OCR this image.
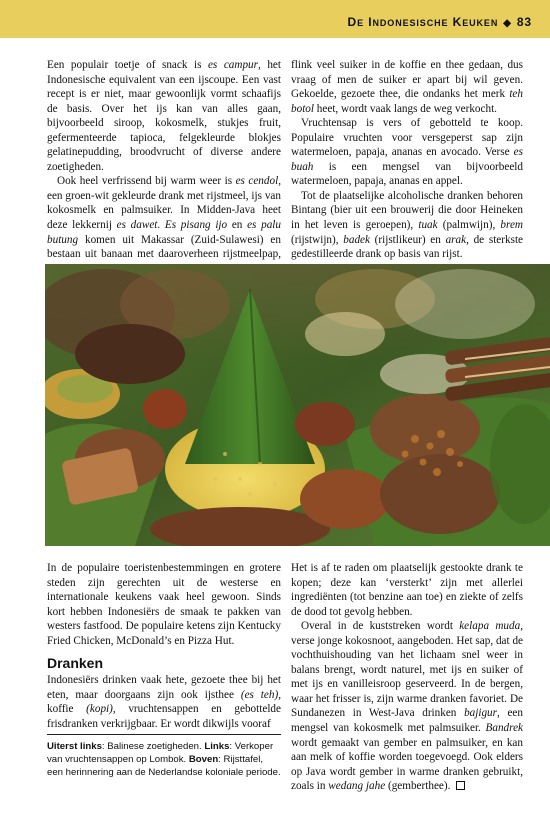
DE INDONESISCHE KEUKEN ◆ 83

Een populair toetje of snack is es campur, het Indonesische equivalent van een ijscoupe. Een vast recept is er niet, maar gewoonlijk vormt schaafijs de basis. Over het ijs kan van alles gaan, bijvoorbeeld siroop, kokosmelk, stukjes fruit, gefermenteerde tapioca, felgekleurde blokjes gelatinepudding, broodvrucht of diverse andere zoetigheden.

Ook heel verfrissend bij warm weer is es cendol, een groen-wit gekleurde drank met rijstmeel, ijs van kokosmelk en palmsuiker. In Midden-Java heet deze lekkernij es dawet. Es pisang ijo en es palu butung komen uit Makassar (Zuid-Sulawesi) en bestaan uit banaan met daaroverheen rijstmeelpap,

flink veel suiker in de koffie en thee gedaan, dus vraag of men de suiker er apart bij wil geven. Gekoelde, gezoete thee, die ondanks het merk teh botol heet, wordt vaak langs de weg verkocht.

Vruchtensap is vers of gebotteld te koop. Populaire vruchten voor versgeperst sap zijn watermeloen, papaja, ananas en avocado. Verse es buah is een mengsel van bijvoorbeeld watermeloen, papaja, ananas en appel.

Tot de plaatselijke alcoholische dranken behoren Bintang (bier uit een brouwerij die door Heineken in het leven is geroepen), tuak (palmwijn), brem (rijstwijn), badek (rijstlikeur) en arak, de sterkste gedestilleerde drank op basis van rijst.

In de populaire toeristenbestemmingen en grotere steden zijn gerechten uit de westerse en internationale keukens vaak heel gewoon. Sinds kort hebben Indonesiërs de smaak te pakken van westers fastfood. De populaire ketens zijn Kentucky Fried Chicken, McDonald’s en Pizza Hut.

Dranken

Indonesiërs drinken vaak hete, gezoete thee bij het eten, maar doorgaans zijn ook ijsthee (es teh), koffie (kopi), vruchtensappen en gebottelde frisdranken verkrijgbaar. Er wordt dikwijls vooraf

Uiterst links: Balinese zoetigheden. Links: Verkoper van vruchtensappen op Lombok. Boven: Rijsttafel, een herinnering aan de Nederlandse koloniale periode.

Het is af te raden om plaatselijk gestookte drank te kopen; deze kan ‘versterkt’ zijn met allerlei ingrediënten (tot benzine aan toe) en ziekte of zelfs de dood tot gevolg hebben.

Overal in de kuststreken wordt kelapa muda, verse jonge kokosnoot, aangeboden. Het sap, dat de vochthuishouding van het lichaam snel weer in balans brengt, wordt naturel, met ijs en suiker of met ijs en vanilleisroop geserveerd. In de bergen, waar het frisser is, zijn warme dranken favoriet. De Sundanezen in West-Java drinken bajigur, een mengsel van kokosmelk met palmsuiker. Bandrek wordt gemaakt van gember en palmsuiker, en kan aan melk of koffie worden toegevoegd. Ook elders op Java wordt gember in warme dranken gebruikt, zoals in wedang jahe (gemberthee).
